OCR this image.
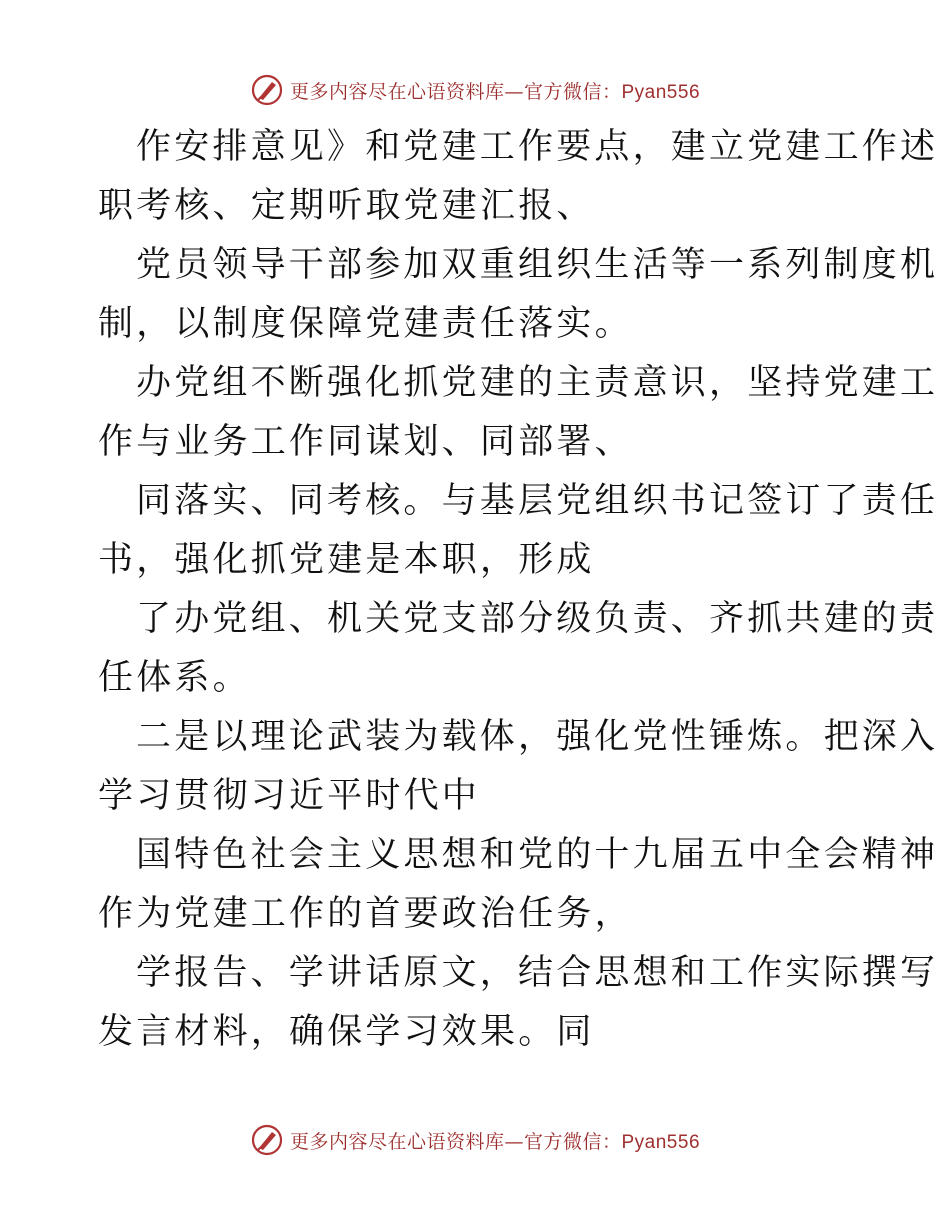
更多内容尽在心语资料库—官方微信：Pyan556
作安排意见》和党建工作要点，建立党建工作述
职考核、定期听取党建汇报、
党员领导干部参加双重组织生活等一系列制度机
制，以制度保障党建责任落实。
办党组不断强化抓党建的主责意识，坚持党建工
作与业务工作同谋划、同部署、
同落实、同考核。与基层党组织书记签订了责任
书，强化抓党建是本职，形成
了办党组、机关党支部分级负责、齐抓共建的责
任体系。
二是以理论武装为载体，强化党性锤炼。把深入
学习贯彻习近平时代中
国特色社会主义思想和党的十九届五中全会精神
作为党建工作的首要政治任务，
学报告、学讲话原文，结合思想和工作实际撰写
发言材料，确保学习效果。同
更多内容尽在心语资料库—官方微信：Pyan556
